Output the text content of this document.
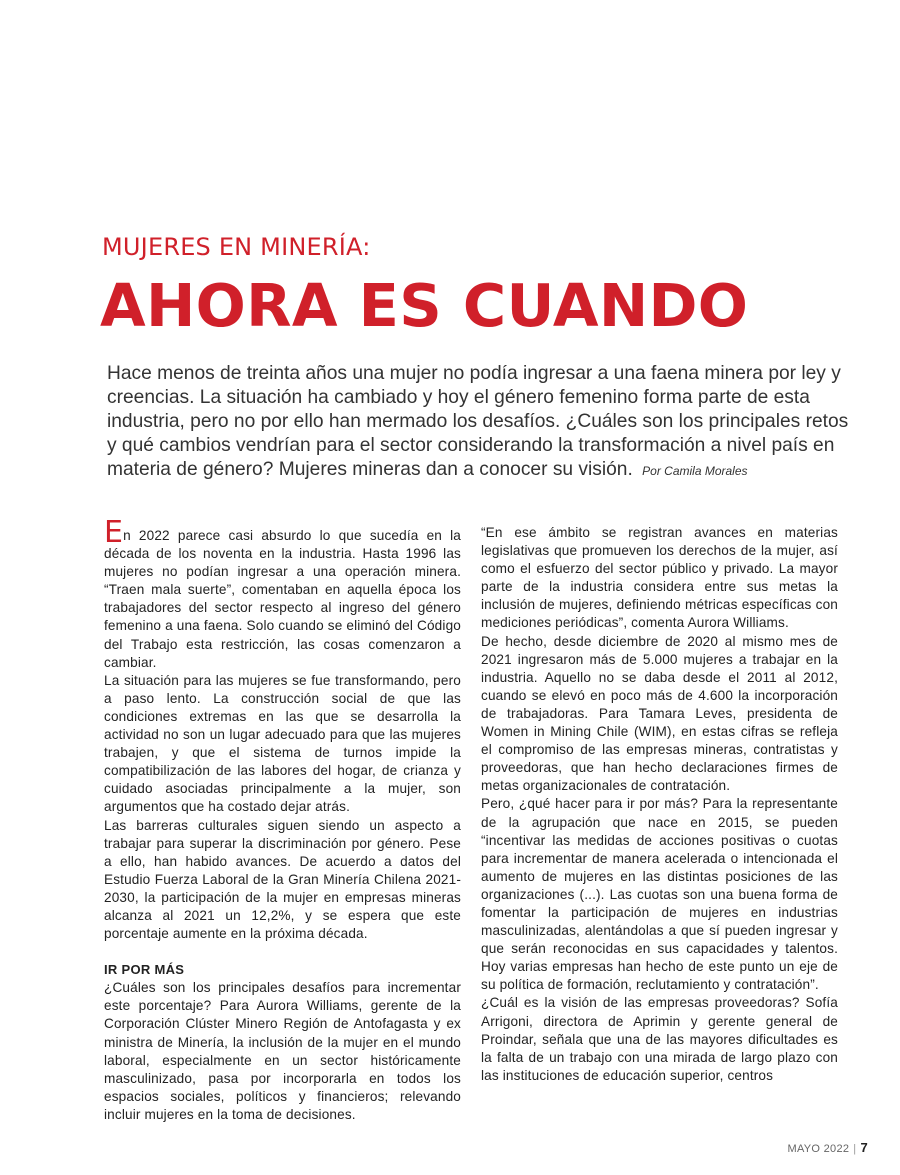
MUJERES EN MINERÍA:
AHORA ES CUANDO

Hace menos de treinta años una mujer no podía ingresar a una faena minera por ley y creencias. La situación ha cambiado y hoy el género femenino forma parte de esta industria, pero no por ello han mermado los desafíos. ¿Cuáles son los principales retos y qué cambios vendrían para el sector considerando la transformación a nivel país en materia de género? Mujeres mineras dan a conocer su visión. Por Camila Morales

En 2022 parece casi absurdo lo que sucedía en la década de los noventa en la industria. Hasta 1996 las mujeres no podían ingresar a una operación minera. “Traen mala suerte”, comentaban en aquella época los trabajadores del sector respecto al ingreso del género femenino a una faena. Solo cuando se eliminó del Código del Trabajo esta restricción, las cosas comenzaron a cambiar.

La situación para las mujeres se fue transformando, pero a paso lento. La construcción social de que las condiciones extremas en las que se desarrolla la actividad no son un lugar adecuado para que las mujeres trabajen, y que el sistema de turnos impide la compatibilización de las labores del hogar, de crianza y cuidado asociadas principalmente a la mujer, son argumentos que ha costado dejar atrás.

Las barreras culturales siguen siendo un aspecto a trabajar para superar la discriminación por género. Pese a ello, han habido avances. De acuerdo a datos del Estudio Fuerza Laboral de la Gran Minería Chilena 2021-2030, la participación de la mujer en empresas mineras alcanza al 2021 un 12,2%, y se espera que este porcentaje aumente en la próxima década.

IR POR MÁS

¿Cuáles son los principales desafíos para incrementar este porcentaje? Para Aurora Williams, gerente de la Corporación Clúster Minero Región de Antofagasta y ex ministra de Minería, la inclusión de la mujer en el mundo laboral, especialmente en un sector históricamente masculinizado, pasa por incorporarla en todos los espacios sociales, políticos y financieros; relevando incluir mujeres en la toma de decisiones.

“En ese ámbito se registran avances en materias legislativas que promueven los derechos de la mujer, así como el esfuerzo del sector público y privado. La mayor parte de la industria considera entre sus metas la inclusión de mujeres, definiendo métricas específicas con mediciones periódicas”, comenta Aurora Williams.

De hecho, desde diciembre de 2020 al mismo mes de 2021 ingresaron más de 5.000 mujeres a trabajar en la industria. Aquello no se daba desde el 2011 al 2012, cuando se elevó en poco más de 4.600 la incorporación de trabajadoras. Para Tamara Leves, presidenta de Women in Mining Chile (WIM), en estas cifras se refleja el compromiso de las empresas mineras, contratistas y proveedoras, que han hecho declaraciones firmes de metas organizacionales de contratación.

Pero, ¿qué hacer para ir por más? Para la representante de la agrupación que nace en 2015, se pueden “incentivar las medidas de acciones positivas o cuotas para incrementar de manera acelerada o intencionada el aumento de mujeres en las distintas posiciones de las organizaciones (...). Las cuotas son una buena forma de fomentar la participación de mujeres en industrias masculinizadas, alentándolas a que sí pueden ingresar y que serán reconocidas en sus capacidades y talentos. Hoy varias empresas han hecho de este punto un eje de su política de formación, reclutamiento y contratación”.

¿Cuál es la visión de las empresas proveedoras? Sofía Arrigoni, directora de Aprimin y gerente general de Proindar, señala que una de las mayores dificultades es la falta de un trabajo con una mirada de largo plazo con las instituciones de educación superior, centros

MAYO 2022 | 7
